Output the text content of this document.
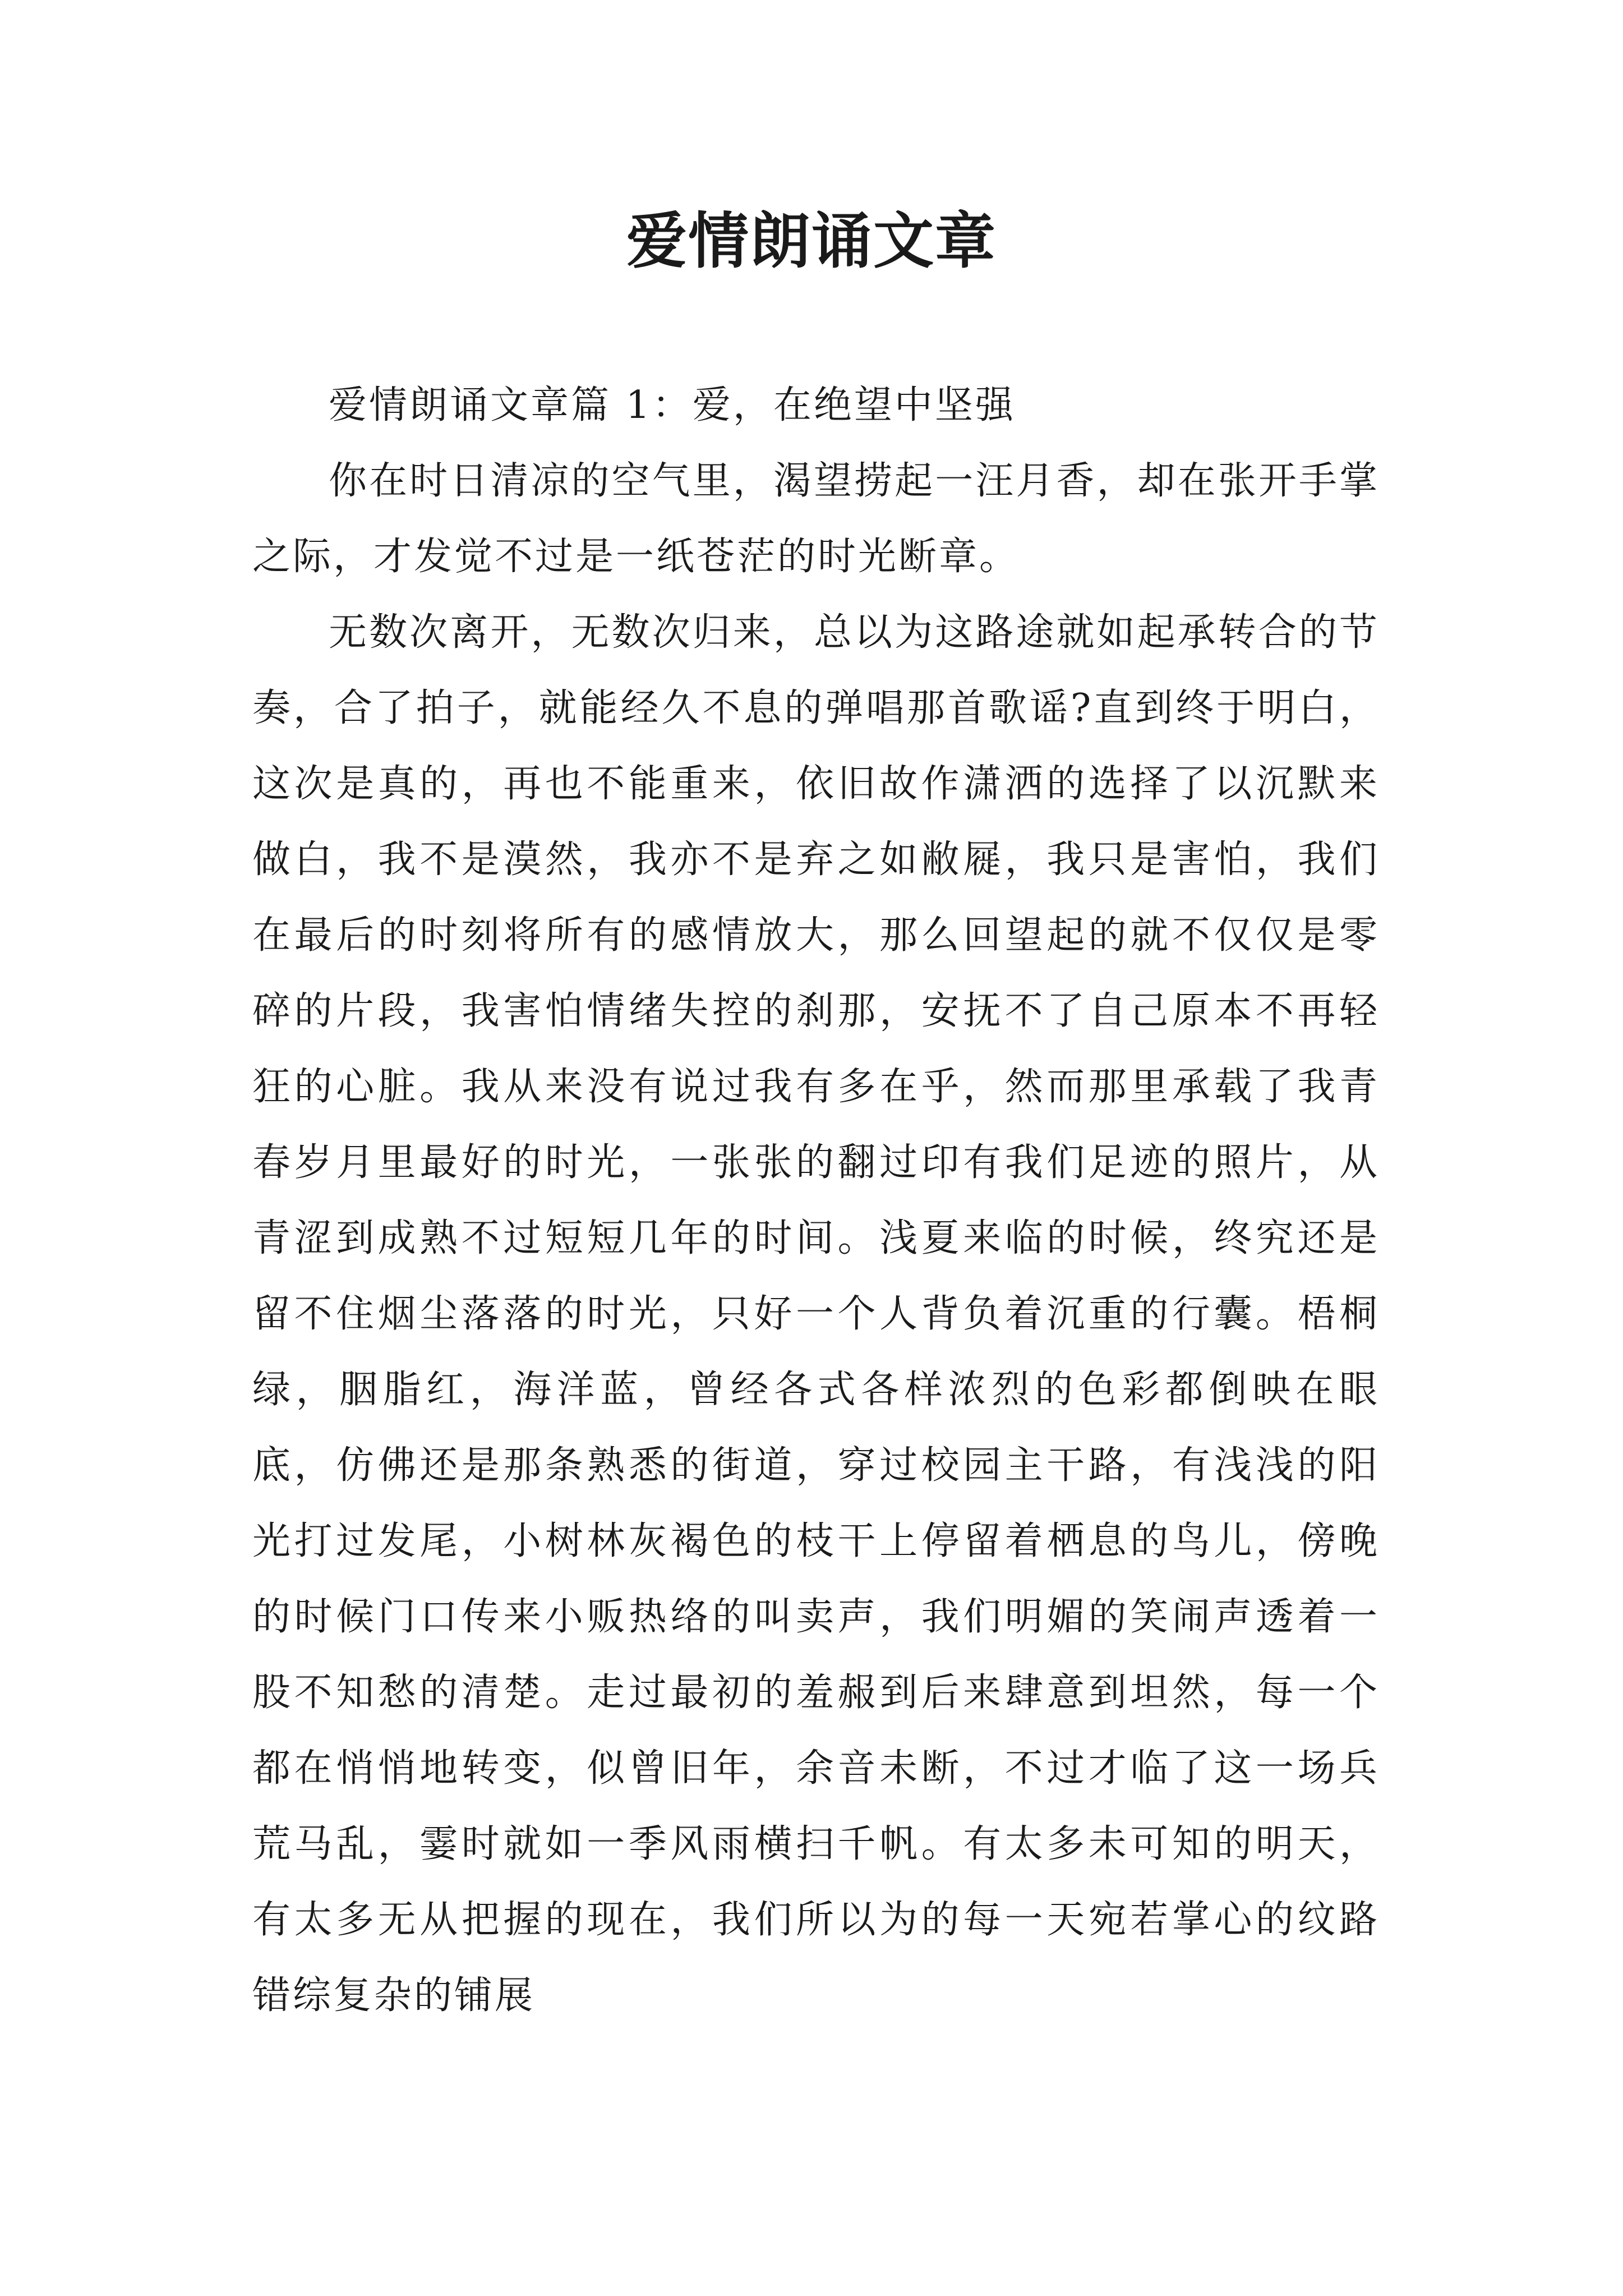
爱情朗诵文章

爱情朗诵文章篇 1：爱，在绝望中坚强

你在时日清凉的空气里，渴望捞起一汪月香，却在张开手掌之际，才发觉不过是一纸苍茫的时光断章。

无数次离开，无数次归来，总以为这路途就如起承转合的节奏，合了拍子，就能经久不息的弹唱那首歌谣?直到终于明白，这次是真的，再也不能重来，依旧故作潇洒的选择了以沉默来做白，我不是漠然，我亦不是弃之如敝屣，我只是害怕，我们在最后的时刻将所有的感情放大，那么回望起的就不仅仅是零碎的片段，我害怕情绪失控的刹那，安抚不了自己原本不再轻狂的心脏。我从来没有说过我有多在乎，然而那里承载了我青春岁月里最好的时光，一张张的翻过印有我们足迹的照片，从青涩到成熟不过短短几年的时间。浅夏来临的时候，终究还是留不住烟尘落落的时光，只好一个人背负着沉重的行囊。梧桐绿，胭脂红，海洋蓝，曾经各式各样浓烈的色彩都倒映在眼底，仿佛还是那条熟悉的街道，穿过校园主干路，有浅浅的阳光打过发尾，小树林灰褐色的枝干上停留着栖息的鸟儿，傍晚的时候门口传来小贩热络的叫卖声，我们明媚的笑闹声透着一股不知愁的清楚。走过最初的羞赧到后来肆意到坦然，每一个都在悄悄地转变，似曾旧年，余音未断，不过才临了这一场兵荒马乱，霎时就如一季风雨横扫千帆。有太多未可知的明天，有太多无从把握的现在，我们所以为的每一天宛若掌心的纹路错综复杂的铺展
